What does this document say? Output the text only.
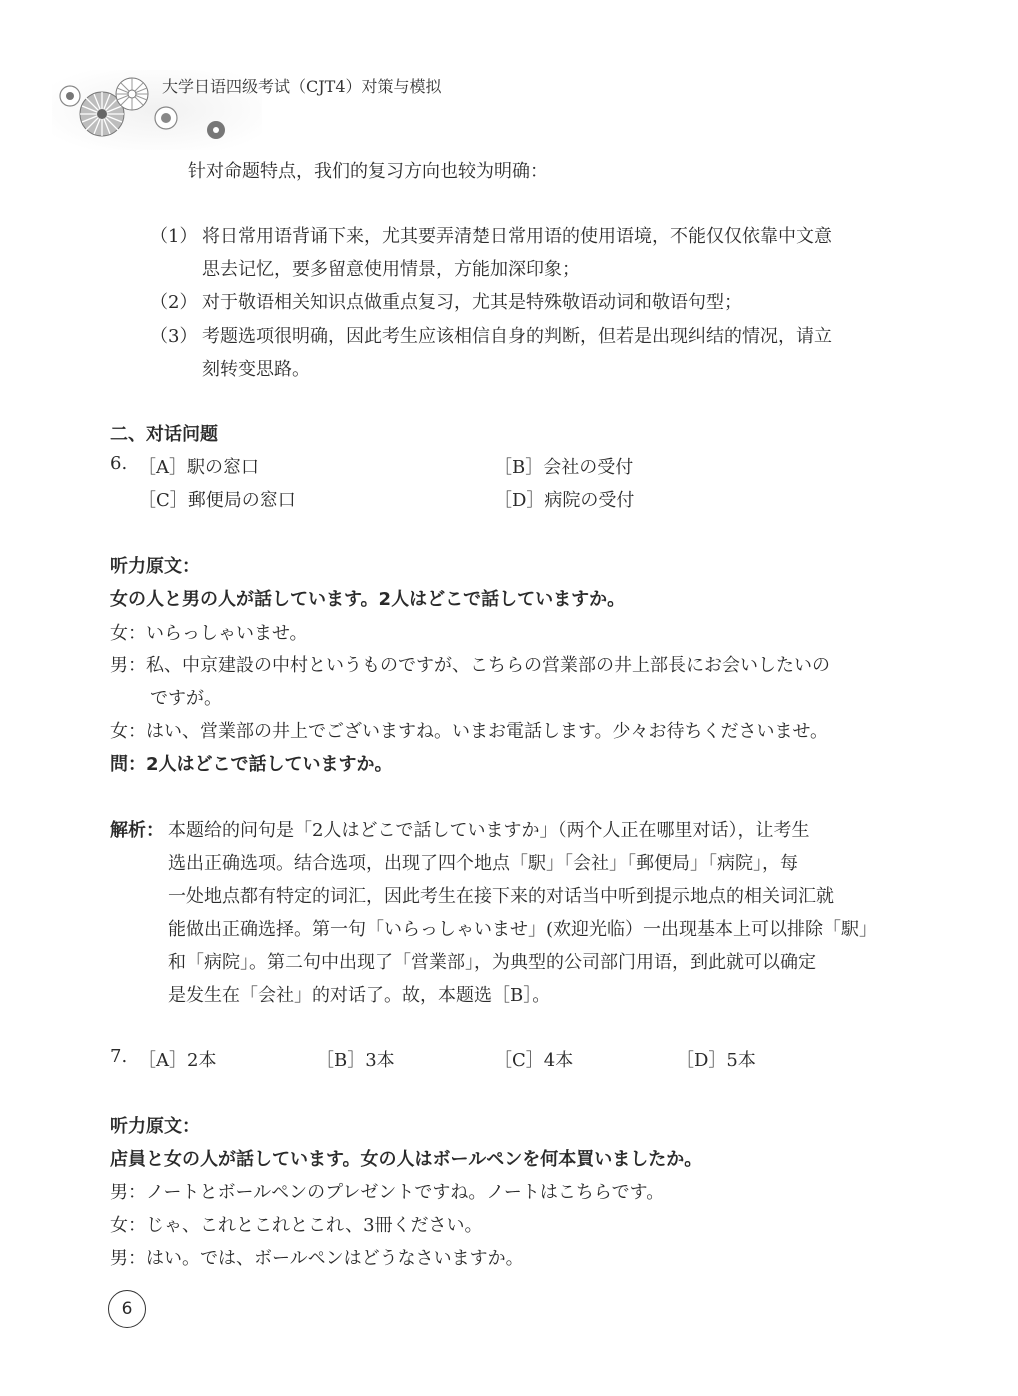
大学日语四级考试（CJT4）对策与模拟
针对命题特点，我们的复习方向也较为明确：
（1） 将日常用语背诵下来，尤其要弄清楚日常用语的使用语境，不能仅仅依靠中文意
思去记忆，要多留意使用情景，方能加深印象；
（2） 对于敬语相关知识点做重点复习，尤其是特殊敬语动词和敬语句型；
（3） 考题选项很明确，因此考生应该相信自身的判断，但若是出现纠结的情况，请立
刻转变思路。
二、对话问题
6. ［A］駅の窓口	［B］会社の受付
［C］郵便局の窓口	［D］病院の受付
听力原文：
女の人と男の人が話しています。2人はどこで話していますか。
女：いらっしゃいませ。
男：私、中京建設の中村というものですが、こちらの営業部の井上部長にお会いしたいの
ですが。
女：はい、営業部の井上でございますね。いまお電話します。少々お待ちくださいませ。
問：2人はどこで話していますか。
解析： 本题给的问句是「2人はどこで話していますか」（两个人正在哪里对话），让考生
选出正确选项。结合选项，出现了四个地点「駅」「会社」「郵便局」「病院」，每
一处地点都有特定的词汇，因此考生在接下来的对话当中听到提示地点的相关词汇就
能做出正确选择。第一句「いらっしゃいませ」(欢迎光临）一出现基本上可以排除「駅」
和「病院」。第二句中出现了「営業部」，为典型的公司部门用语，到此就可以确定
是发生在「会社」的对话了。故，本题选［B］。
7. ［A］2本	［B］3本	［C］4本	［D］5本
听力原文：
店員と女の人が話しています。女の人はボールペンを何本買いましたか。
男：ノートとボールペンのプレゼントですね。ノートはこちらです。
女：じゃ、これとこれとこれ、3冊ください。
男：はい。では、ボールペンはどうなさいますか。
6
